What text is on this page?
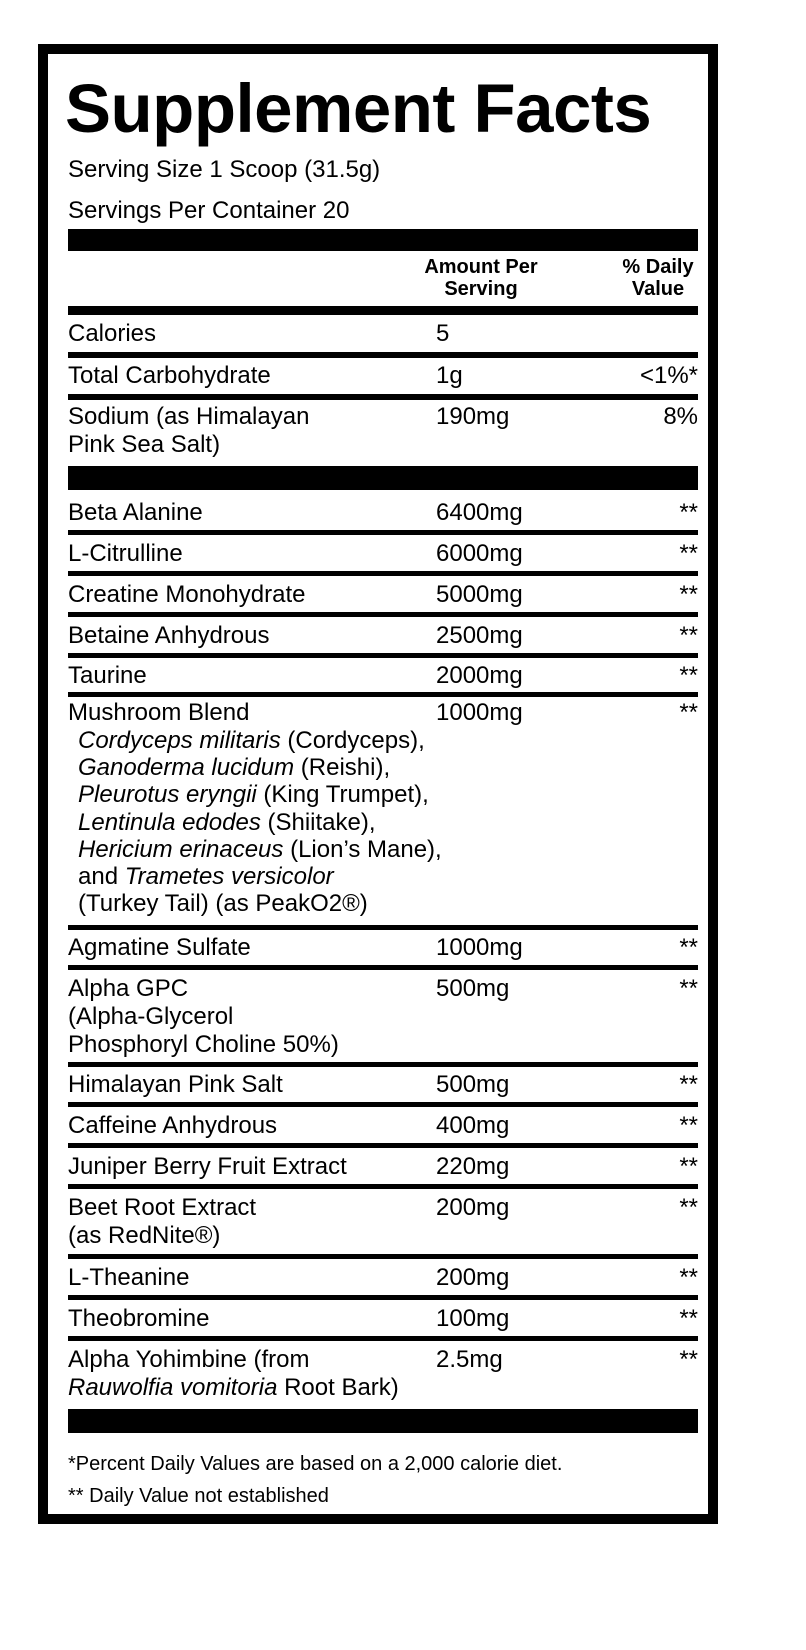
Supplement Facts
Serving Size 1 Scoop (31.5g)
Servings Per Container 20
Amount Per
Serving
% Daily
Value
Calories	5
Total Carbohydrate	1g	<1%*
Sodium (as Himalayan
Pink Sea Salt)
190mg	8%
Beta Alanine	6400mg	**
L-Citrulline	6000mg	**
Creatine Monohydrate	5000mg	**
Betaine Anhydrous	2500mg	**
Taurine	2000mg	**
Mushroom Blend	1000mg	**
Cordyceps militaris (Cordyceps),
Ganoderma lucidum (Reishi),
Pleurotus eryngii (King Trumpet),
Lentinula edodes (Shiitake),
Hericium erinaceus (Lion’s Mane),
and Trametes versicolor
(Turkey Tail) (as PeakO2®)
Agmatine Sulfate	1000mg	**
Alpha GPC
(Alpha-Glycerol
Phosphoryl Choline 50%)
500mg	**
Himalayan Pink Salt	500mg	**
Caffeine Anhydrous	400mg	**
Juniper Berry Fruit Extract	220mg	**
Beet Root Extract
(as RedNite®)
200mg	**
L-Theanine	200mg	**
Theobromine	100mg	**
Alpha Yohimbine (from
Rauwolfia vomitoria Root Bark)
2.5mg	**
*Percent Daily Values are based on a 2,000 calorie diet.
** Daily Value not established
